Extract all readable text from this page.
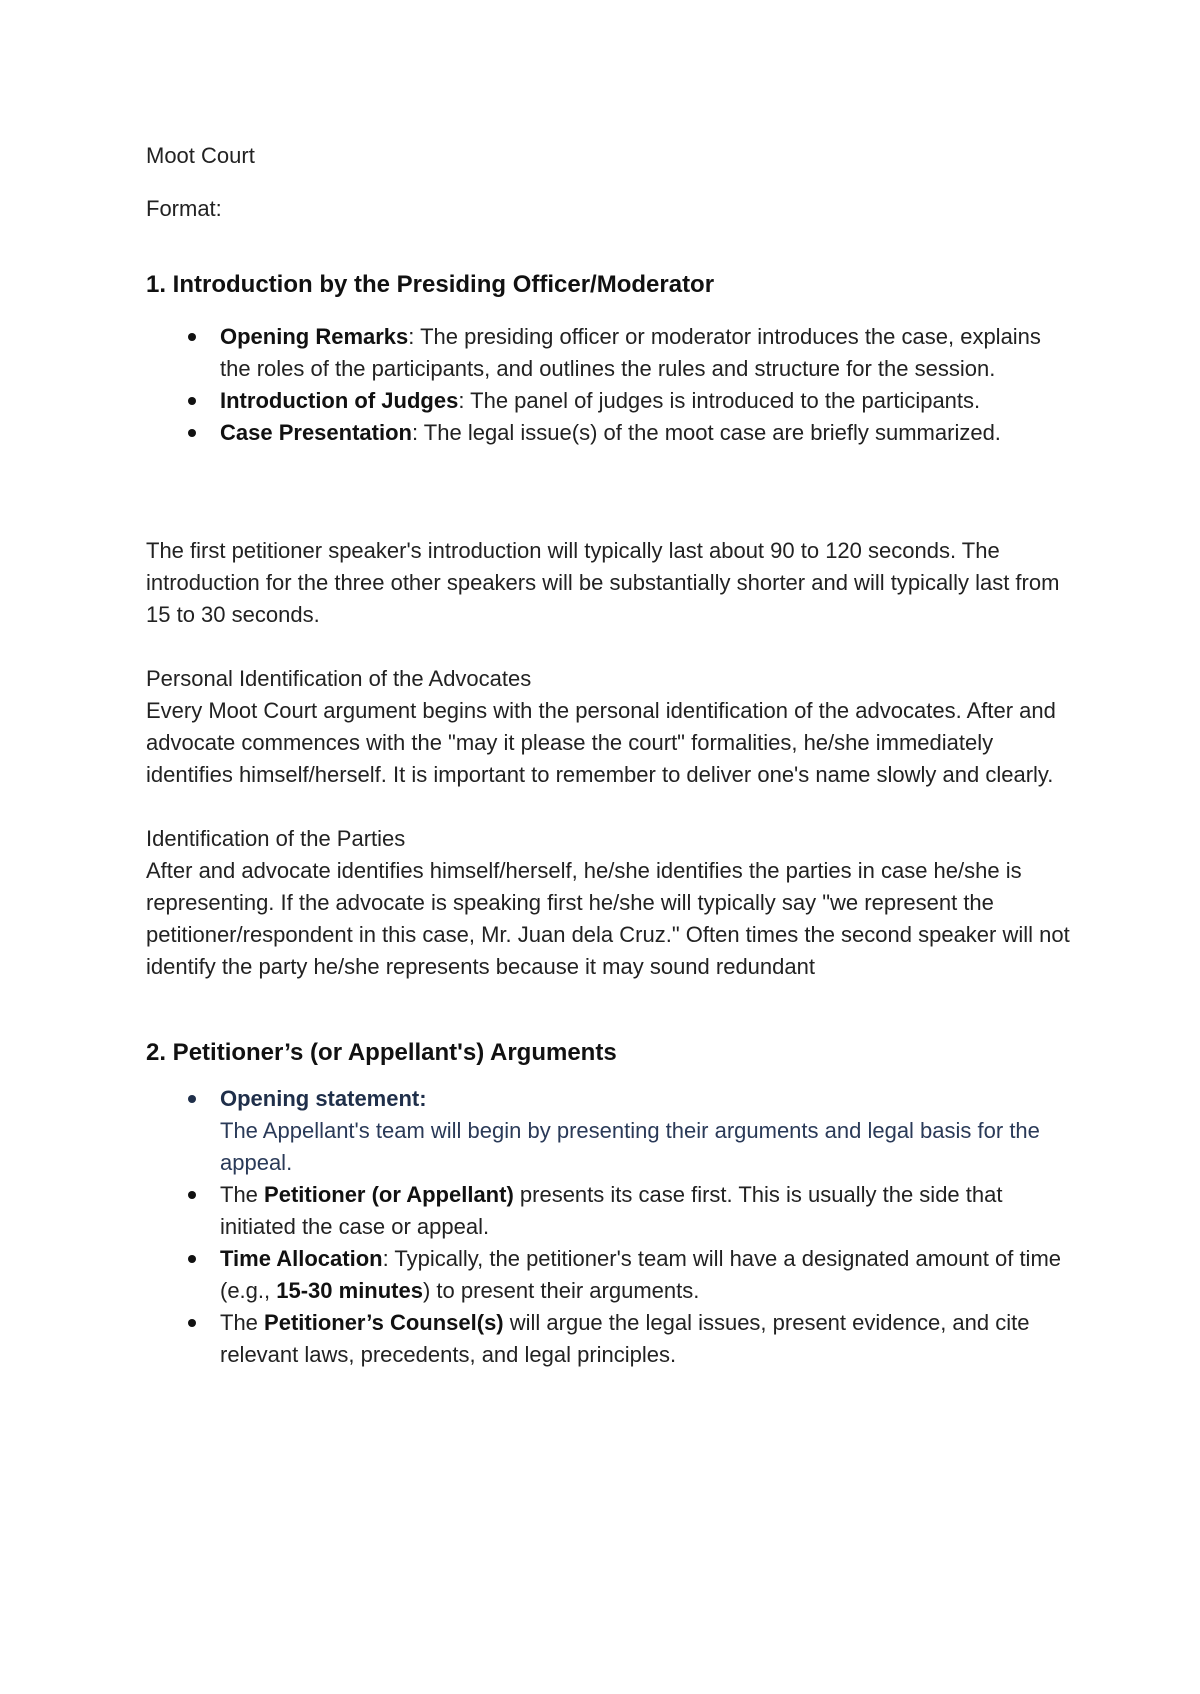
Moot Court

Format:

1. Introduction by the Presiding Officer/Moderator
Opening Remarks: The presiding officer or moderator introduces the case, explains the roles of the participants, and outlines the rules and structure for the session.
Introduction of Judges: The panel of judges is introduced to the participants.
Case Presentation: The legal issue(s) of the moot case are briefly summarized.

The first petitioner speaker's introduction will typically last about 90 to 120 seconds. The introduction for the three other speakers will be substantially shorter and will typically last from 15 to 30 seconds.

Personal Identification of the Advocates

Every Moot Court argument begins with the personal identification of the advocates. After and advocate commences with the "may it please the court" formalities, he/she immediately identifies himself/herself. It is important to remember to deliver one's name slowly and clearly.

Identification of the Parties

After and advocate identifies himself/herself, he/she identifies the parties in case he/she is representing. If the advocate is speaking first he/she will typically say "we represent the petitioner/respondent in this case, Mr. Juan dela Cruz." Often times the second speaker will not identify the party he/she represents because it may sound redundant

2. Petitioner’s (or Appellant's) Arguments
Opening statement:
The Appellant's team will begin by presenting their arguments and legal basis for the appeal.
The Petitioner (or Appellant) presents its case first. This is usually the side that initiated the case or appeal.
Time Allocation: Typically, the petitioner's team will have a designated amount of time (e.g., 15-30 minutes) to present their arguments.
The Petitioner’s Counsel(s) will argue the legal issues, present evidence, and cite relevant laws, precedents, and legal principles.
